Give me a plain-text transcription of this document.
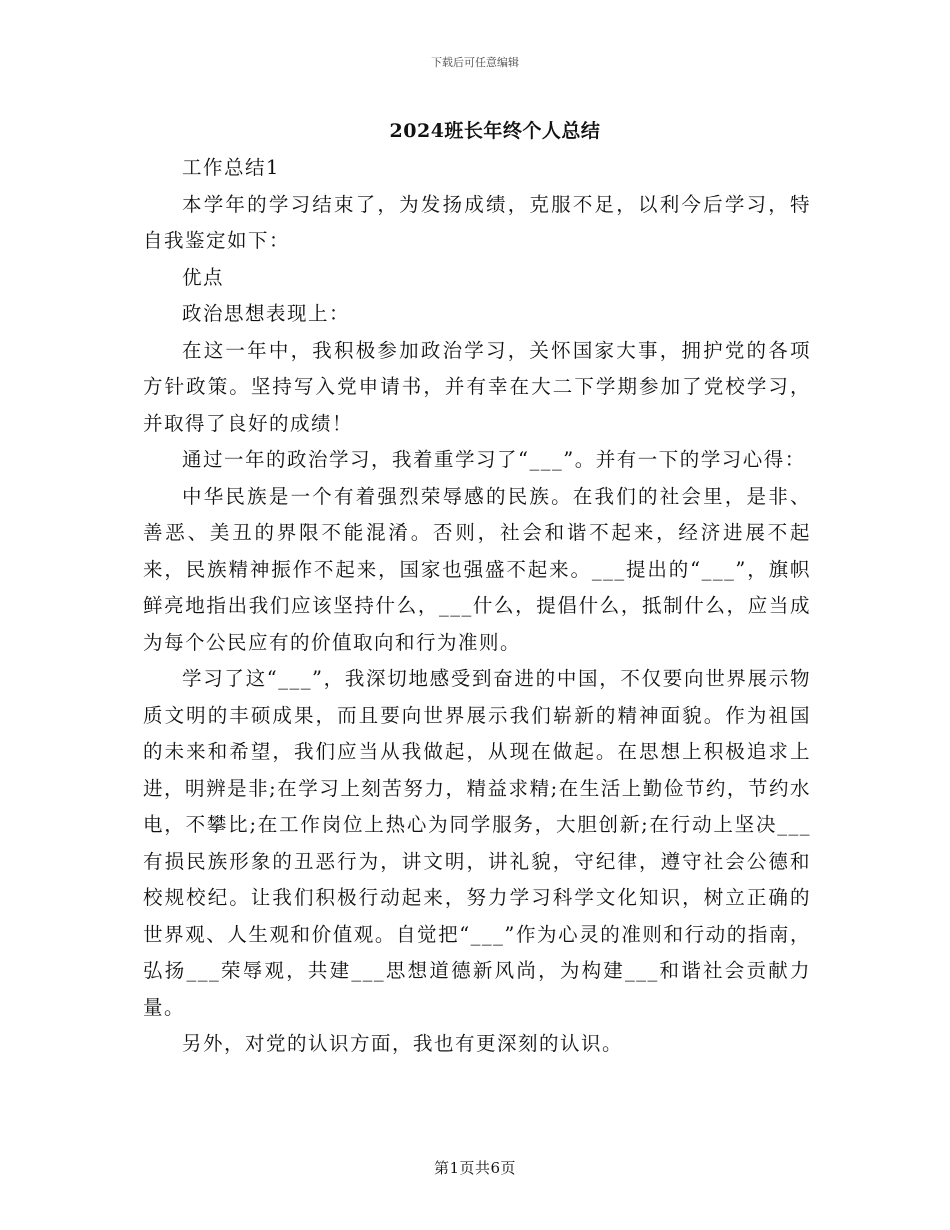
下载后可任意编辑
2024班长年终个人总结

工作总结1

本学年的学习结束了，为发扬成绩，克服不足，以利今后学习，特自我鉴定如下：

优点

政治思想表现上：

在这一年中，我积极参加政治学习，关怀国家大事，拥护党的各项方针政策。坚持写入党申请书，并有幸在大二下学期参加了党校学习，并取得了良好的成绩！

通过一年的政治学习，我着重学习了“___”。并有一下的学习心得：

中华民族是一个有着强烈荣辱感的民族。在我们的社会里，是非、善恶、美丑的界限不能混淆。否则，社会和谐不起来，经济进展不起来，民族精神振作不起来，国家也强盛不起来。___提出的“___”，旗帜鲜亮地指出我们应该坚持什么，___什么，提倡什么，抵制什么，应当成为每个公民应有的价值取向和行为准则。

学习了这“___”，我深切地感受到奋进的中国，不仅要向世界展示物质文明的丰硕成果，而且要向世界展示我们崭新的精神面貌。作为祖国的未来和希望，我们应当从我做起，从现在做起。在思想上积极追求上进，明辨是非;在学习上刻苦努力，精益求精;在生活上勤俭节约，节约水电，不攀比;在工作岗位上热心为同学服务，大胆创新;在行动上坚决___有损民族形象的丑恶行为，讲文明，讲礼貌，守纪律，遵守社会公德和校规校纪。让我们积极行动起来，努力学习科学文化知识，树立正确的世界观、人生观和价值观。自觉把“___”作为心灵的准则和行动的指南，弘扬___荣辱观，共建___思想道德新风尚，为构建___和谐社会贡献力量。

另外，对党的认识方面，我也有更深刻的认识。

第1页共6页
